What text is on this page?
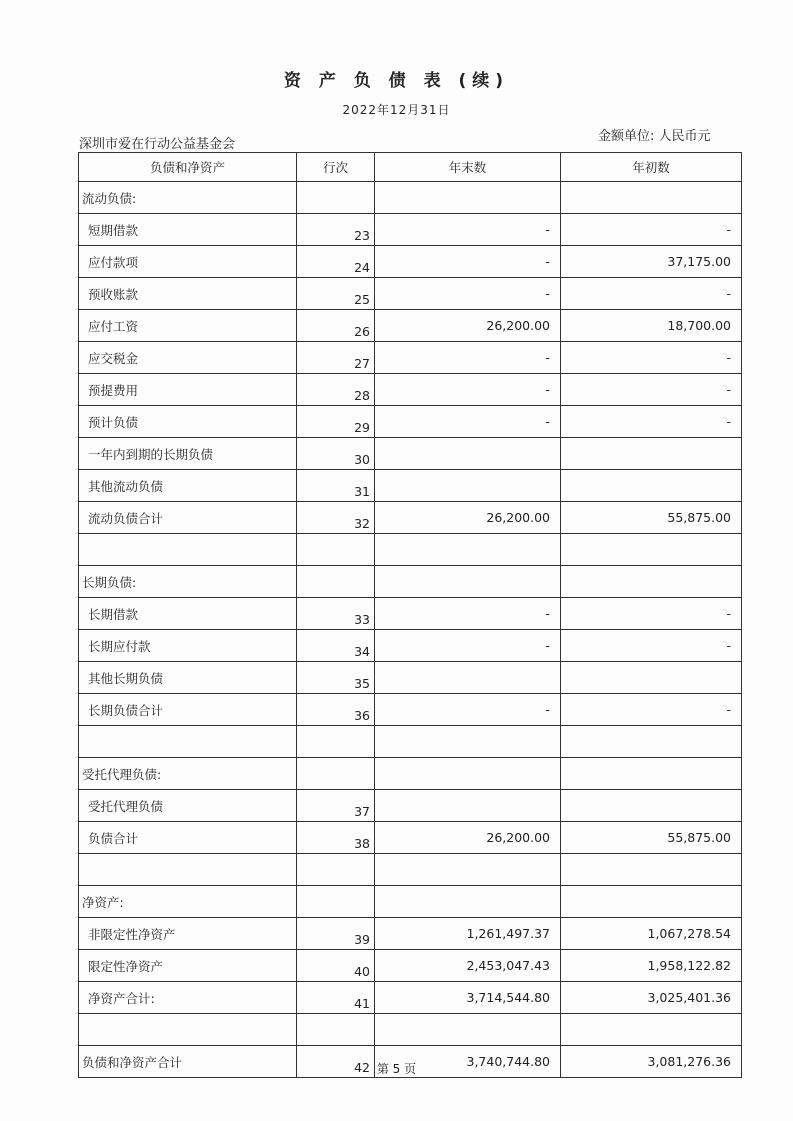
资 产 负 债 表 (续)
2022年12月31日
深圳市爱在行动公益基金会
金额单位: 人民币元
负债和净资产	行次	年末数	年初数
流动负债:			
短期借款	23	-	-
应付款项	24	-	37,175.00
预收账款	25	-	-
应付工资	26	26,200.00	18,700.00
应交税金	27	-	-
预提费用	28	-	-
预计负债	29	-	-
一年内到期的长期负债	30		
其他流动负债	31		
流动负债合计	32	26,200.00	55,875.00

长期负债:			
长期借款	33	-	-
长期应付款	34	-	-
其他长期负债	35		
长期负债合计	36	-	-

受托代理负债:			
受托代理负债	37		
负债合计	38	26,200.00	55,875.00

净资产:			
非限定性净资产	39	1,261,497.37	1,067,278.54
限定性净资产	40	2,453,047.43	1,958,122.82
净资产合计:	41	3,714,544.80	3,025,401.36

负债和净资产合计	42	3,740,744.80	3,081,276.36
第 5 页
